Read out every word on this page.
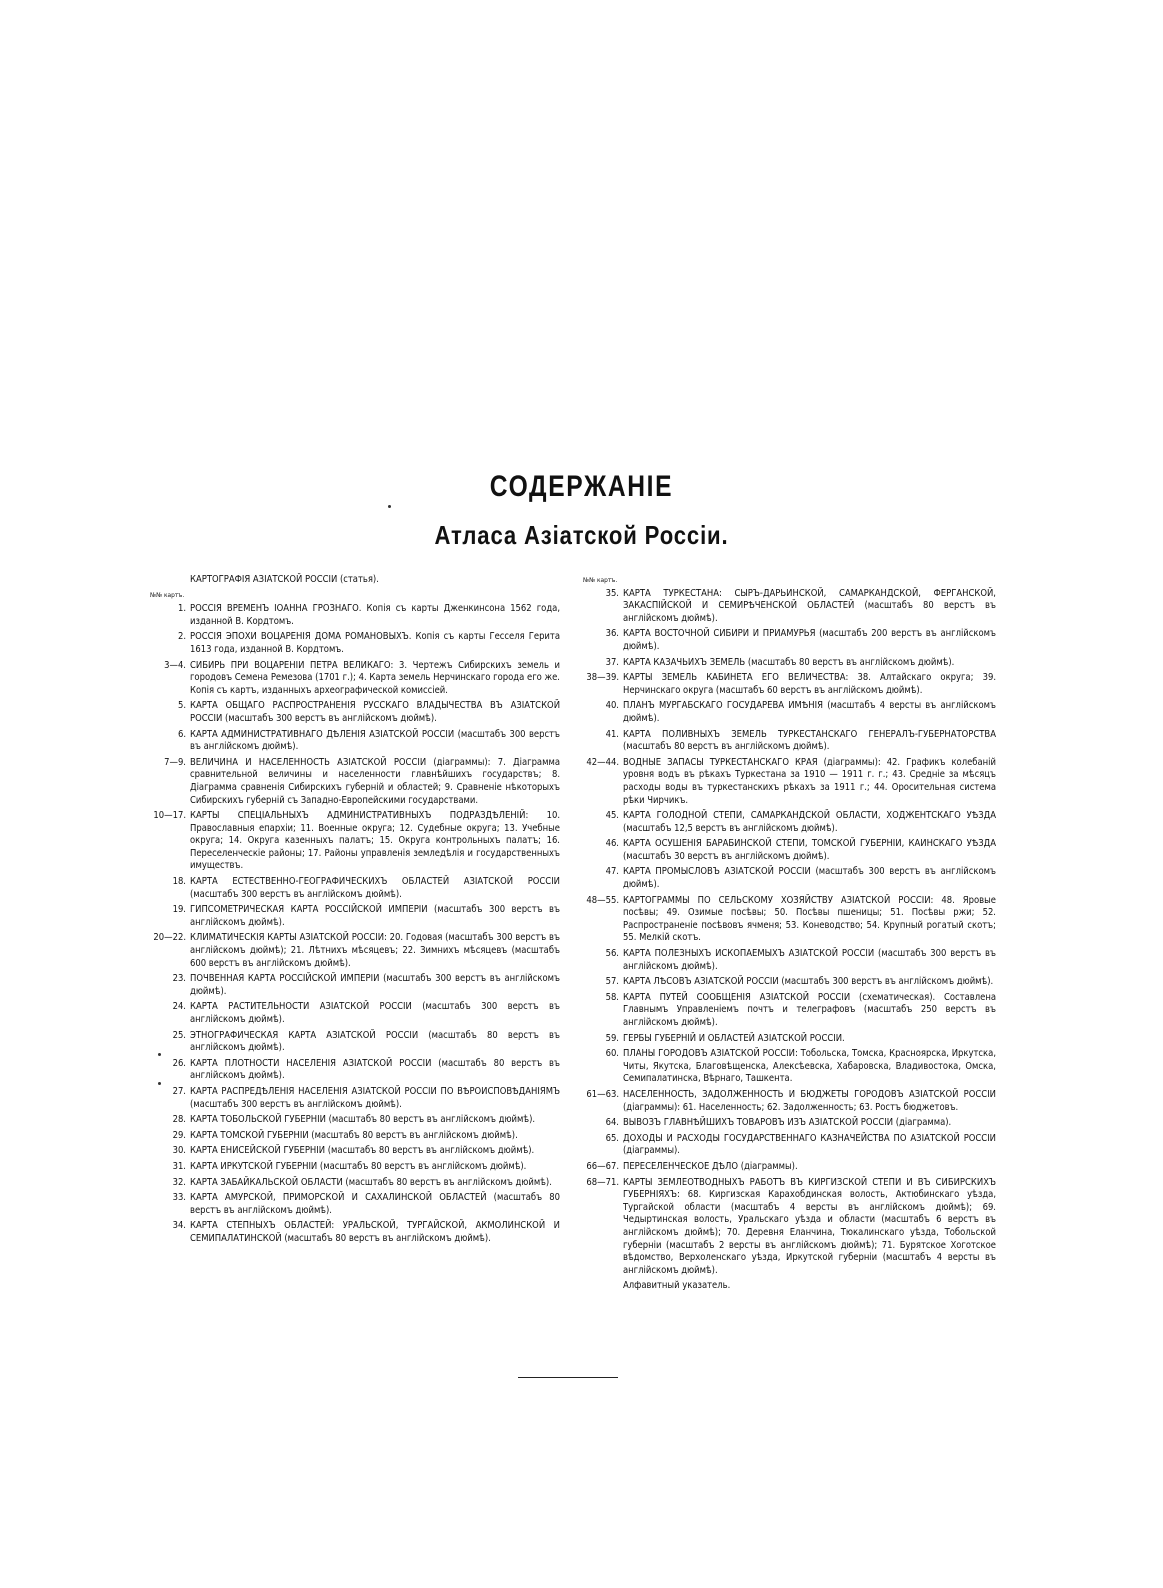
СОДЕРЖАНIЕ
Атласа Азiатской Россiи.
КАРТОГРАФIЯ АЗIАТСКОЙ РОССIИ (статья).
№№ картъ.
1. РОССIЯ ВРЕМЕНЪ IОАННА ГРОЗНАГО. Копiя съ карты Дженкинсона 1562 года, изданной В. Кордтомъ.
2. РОССIЯ ЭПОХИ ВОЦАРЕНIЯ ДОМА РОМАНОВЫХЪ. Копiя съ карты Гесселя Герита 1613 года, изданной В. Кордтомъ.
3—4. СИБИРЬ ПРИ ВОЦАРЕНIИ ПЕТРА ВЕЛИКАГО: 3. Чертежъ Сибирскихъ земель и городовъ Семена Ремезова (1701 г.); 4. Карта земель Нерчинскаго города его же. Копiя съ картъ, изданныхъ археографической комиссiей.
5. КАРТА ОБЩАГО РАСПРОСТРАНЕНIЯ РУССКАГО ВЛАДЫЧЕСТВА ВЪ АЗIАТСКОЙ РОССIИ (масштабъ 300 верстъ въ англiйскомъ дюймѣ).
6. КАРТА АДМИНИСТРАТИВНАГО ДѢЛЕНIЯ АЗIАТСКОЙ РОССIИ (масштабъ 300 верстъ въ англiйскомъ дюймѣ).
7—9. ВЕЛИЧИНА И НАСЕЛЕННОСТЬ АЗIАТСКОЙ РОССIИ (дiаграммы): 7. Дiаграмма сравнительной величины и населенности главнѣйшихъ государствъ; 8. Дiаграмма сравненiя Сибирскихъ губернiй и областей; 9. Сравненiе нѣкоторыхъ Сибирскихъ губернiй съ Западно-Европейскими государствами.
10—17. КАРТЫ СПЕЦIАЛЬНЫХЪ АДМИНИСТРАТИВНЫХЪ ПОДРАЗДѢЛЕНIЙ: 10. Православныя епархiи; 11. Военные округа; 12. Судебные округа; 13. Учебные округа; 14. Округа казенныхъ палатъ; 15. Округа контрольныхъ палатъ; 16. Переселенческiе районы; 17. Районы управленiя земледѣлiя и государственныхъ имуществъ.
18. КАРТА ЕСТЕСТВЕННО-ГЕОГРАФИЧЕСКИХЪ ОБЛАСТЕЙ АЗIАТСКОЙ РОССIИ (масштабъ 300 верстъ въ англiйскомъ дюймѣ).
19. ГИПСОМЕТРИЧЕСКАЯ КАРТА РОССIЙСКОЙ ИМПЕРIИ (масштабъ 300 верстъ въ англiйскомъ дюймѣ).
20—22. КЛИМАТИЧЕСКIЯ КАРТЫ АЗIАТСКОЙ РОССIИ: 20. Годовая (масштабъ 300 верстъ въ англiйскомъ дюймѣ); 21. Лѣтнихъ мѣсяцевъ; 22. Зимнихъ мѣсяцевъ (масштабъ 600 верстъ въ англiйскомъ дюймѣ).
23. ПОЧВЕННАЯ КАРТА РОССIЙСКОЙ ИМПЕРIИ (масштабъ 300 верстъ въ англiйскомъ дюймѣ).
24. КАРТА РАСТИТЕЛЬНОСТИ АЗIАТСКОЙ РОССIИ (масштабъ 300 верстъ въ англiйскомъ дюймѣ).
25. ЭТНОГРАФИЧЕСКАЯ КАРТА АЗIАТСКОЙ РОССIИ (масштабъ 80 верстъ въ англiйскомъ дюймѣ).
26. КАРТА ПЛОТНОСТИ НАСЕЛЕНIЯ АЗIАТСКОЙ РОССIИ (масштабъ 80 верстъ въ англiйскомъ дюймѣ).
27. КАРТА РАСПРЕДѢЛЕНIЯ НАСЕЛЕНIЯ АЗIАТСКОЙ РОССIИ ПО ВѢРОИСПОВѢДАНIЯМЪ (масштабъ 300 верстъ въ англiйскомъ дюймѣ).
28. КАРТА ТОБОЛЬСКОЙ ГУБЕРНIИ (масштабъ 80 верстъ въ англiйскомъ дюймѣ).
29. КАРТА ТОМСКОЙ ГУБЕРНIИ (масштабъ 80 верстъ въ англiйскомъ дюймѣ).
30. КАРТА ЕНИСЕЙСКОЙ ГУБЕРНIИ (масштабъ 80 верстъ въ англiйскомъ дюймѣ).
31. КАРТА ИРКУТСКОЙ ГУБЕРНIИ (масштабъ 80 верстъ въ англiйскомъ дюймѣ).
32. КАРТА ЗАБАЙКАЛЬСКОЙ ОБЛАСТИ (масштабъ 80 верстъ въ англiйскомъ дюймѣ).
33. КАРТА АМУРСКОЙ, ПРИМОРСКОЙ И САХАЛИНСКОЙ ОБЛАСТЕЙ (масштабъ 80 верстъ въ англiйскомъ дюймѣ).
34. КАРТА СТЕПНЫХЪ ОБЛАСТЕЙ: УРАЛЬСКОЙ, ТУРГАЙСКОЙ, АКМОЛИНСКОЙ И СЕМИПАЛАТИНСКОЙ (масштабъ 80 верстъ въ англiйскомъ дюймѣ).
№№ картъ.
35. КАРТА ТУРКЕСТАНА: СЫРЪ-ДАРЬИНСКОЙ, САМАРКАНДСКОЙ, ФЕРГАНСКОЙ, ЗАКАСПIЙСКОЙ И СЕМИРѢЧЕНСКОЙ ОБЛАСТЕЙ (масштабъ 80 верстъ въ англiйскомъ дюймѣ).
36. КАРТА ВОСТОЧНОЙ СИБИРИ И ПРИАМУРЬЯ (масштабъ 200 верстъ въ англiйскомъ дюймѣ).
37. КАРТА КАЗАЧЬИХЪ ЗЕМЕЛЬ (масштабъ 80 верстъ въ англiйскомъ дюймѣ).
38—39. КАРТЫ ЗЕМЕЛЬ КАБИНЕТА ЕГО ВЕЛИЧЕСТВА: 38. Алтайскаго округа; 39. Нерчинскаго округа (масштабъ 60 верстъ въ англiйскомъ дюймѣ).
40. ПЛАНЪ МУРГАБСКАГО ГОСУДАРЕВА ИМѢНIЯ (масштабъ 4 версты въ англiйскомъ дюймѣ).
41. КАРТА ПОЛИВНЫХЪ ЗЕМЕЛЬ ТУРКЕСТАНСКАГО ГЕНЕРАЛЪ-ГУБЕРНАТОРСТВА (масштабъ 80 верстъ въ англiйскомъ дюймѣ).
42—44. ВОДНЫЕ ЗАПАСЫ ТУРКЕСТАНСКАГО КРАЯ (дiаграммы): 42. Графикъ колебанiй уровня водъ въ рѣкахъ Туркестана за 1910 — 1911 г. г.; 43. Среднiе за мѣсяцъ расходы воды въ туркестанскихъ рѣкахъ за 1911 г.; 44. Оросительная система рѣки Чирчикъ.
45. КАРТА ГОЛОДНОЙ СТЕПИ, САМАРКАНДСКОЙ ОБЛАСТИ, ХОДЖЕНТСКАГО УѢЗДА (масштабъ 12,5 верстъ въ англiйскомъ дюймѣ).
46. КАРТА ОСУШЕНIЯ БАРАБИНСКОЙ СТЕПИ, ТОМСКОЙ ГУБЕРНIИ, КАИНСКАГО УѢЗДА (масштабъ 30 верстъ въ англiйскомъ дюймѣ).
47. КАРТА ПРОМЫСЛОВЪ АЗIАТСКОЙ РОССIИ (масштабъ 300 верстъ въ англiйскомъ дюймѣ).
48—55. КАРТОГРАММЫ ПО СЕЛЬСКОМУ ХОЗЯЙСТВУ АЗIАТСКОЙ РОССIИ: 48. Яровые посѣвы; 49. Озимые посѣвы; 50. Посѣвы пшеницы; 51. Посѣвы ржи; 52. Распространенiе посѣвовъ ячменя; 53. Коневодство; 54. Крупный рогатый скотъ; 55. Мелкiй скотъ.
56. КАРТА ПОЛЕЗНЫХЪ ИСКОПАЕМЫХЪ АЗIАТСКОЙ РОССIИ (масштабъ 300 верстъ въ англiйскомъ дюймѣ).
57. КАРТА ЛѢСОВЪ АЗIАТСКОЙ РОССIИ (масштабъ 300 верстъ въ англiйскомъ дюймѣ).
58. КАРТА ПУТЕЙ СООБЩЕНIЯ АЗIАТСКОЙ РОССIИ (схематическая). Составлена Главнымъ Управленiемъ почтъ и телеграфовъ (масштабъ 250 верстъ въ англiйскомъ дюймѣ).
59. ГЕРБЫ ГУБЕРНIЙ И ОБЛАСТЕЙ АЗIАТСКОЙ РОССIИ.
60. ПЛАНЫ ГОРОДОВЪ АЗIАТСКОЙ РОССIИ: Тобольска, Томска, Красноярска, Иркутска, Читы, Якутска, Благовѣщенска, Алексѣевска, Хабаровска, Владивостока, Омска, Семипалатинска, Вѣрнаго, Ташкента.
61—63. НАСЕЛЕННОСТЬ, ЗАДОЛЖЕННОСТЬ И БЮДЖЕТЫ ГОРОДОВЪ АЗIАТСКОЙ РОССIИ (дiаграммы): 61. Населенность; 62. Задолженность; 63. Ростъ бюджетовъ.
64. ВЫВОЗЪ ГЛАВНѢЙШИХЪ ТОВАРОВЪ ИЗЪ АЗIАТСКОЙ РОССIИ (дiаграмма).
65. ДОХОДЫ И РАСХОДЫ ГОСУДАРСТВЕННАГО КАЗНАЧЕЙСТВА ПО АЗIАТСКОЙ РОССIИ (дiаграммы).
66—67. ПЕРЕСЕЛЕНЧЕСКОЕ ДѢЛО (дiаграммы).
68—71. КАРТЫ ЗЕМЛЕОТВОДНЫХЪ РАБОТЪ ВЪ КИРГИЗСКОЙ СТЕПИ И ВЪ СИБИРСКИХЪ ГУБЕРНIЯХЪ: 68. Киргизская Карахобдинская волость, Актюбинскаго уѣзда, Тургайской области (масштабъ 4 версты въ англiйскомъ дюймѣ); 69. Чедыртинская волость, Уральскаго уѣзда и области (масштабъ 6 верстъ въ англiйскомъ дюймѣ); 70. Деревня Еланчина, Тюкалинскаго уѣзда, Тобольской губернiи (масштабъ 2 версты въ англiйскомъ дюймѣ); 71. Бурятское Хоготское вѣдомство, Верхоленскаго уѣзда, Иркутской губернiи (масштабъ 4 версты въ англiйскомъ дюймѣ).
Алфавитный указатель.
